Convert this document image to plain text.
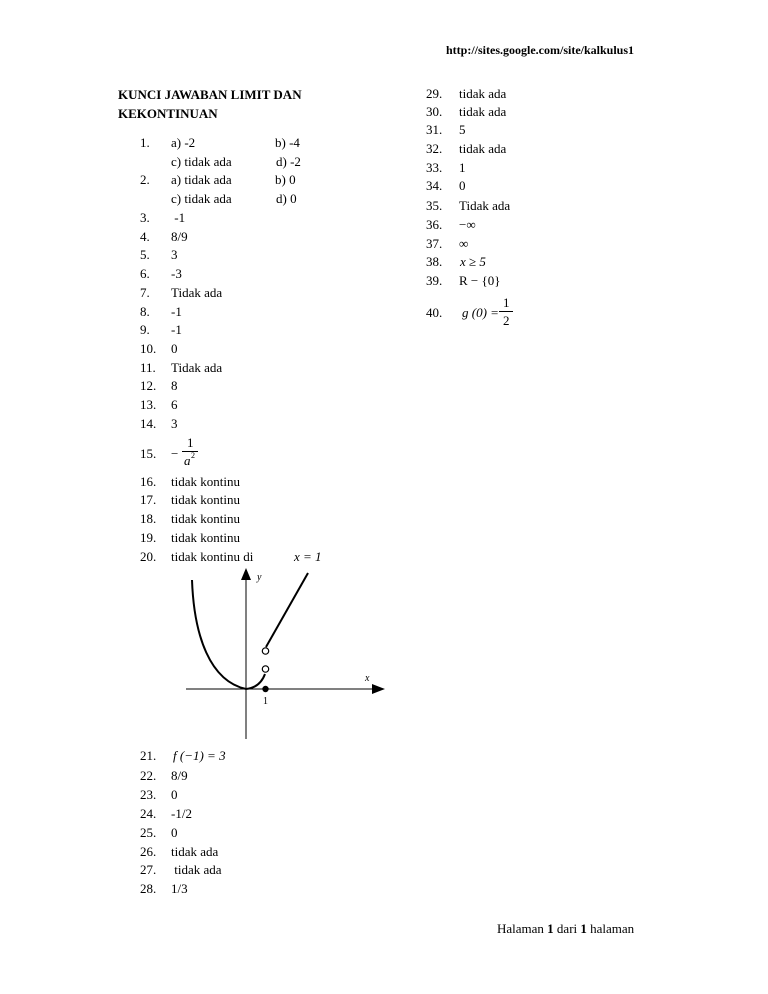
http://sites.google.com/site/kalkulus1
KUNCI JAWABAN LIMIT DAN
KEKONTINUAN
1. a) -2	b) -4
c) tidak ada	d) -2
2. a) tidak ada	b) 0
c) tidak ada	d) 0
3. -1
4. 8/9
5. 3
6. -3
7. Tidak ada
8. -1
9. -1
10. 0
11. Tidak ada
12. 8
13. 6
14. 3
15. −
1
a 2
16. tidak kontinu
17. tidak kontinu
18. tidak kontinu
19. tidak kontinu
20. tidak kontinu di	x = 1
y
x
1
21. f (−1) = 3
22. 8/9
23. 0
24. -1/2
25. 0
26. tidak ada
27. tidak ada
28. 1/3
29. tidak ada
30. tidak ada
31. 5
32. tidak ada
33. 1
34. 0
35. Tidak ada
36. −∞
37. ∞
38. x ≥ 5
39. R − {0}
40. g (0) =
1
2
Halaman 1 dari 1 halaman
